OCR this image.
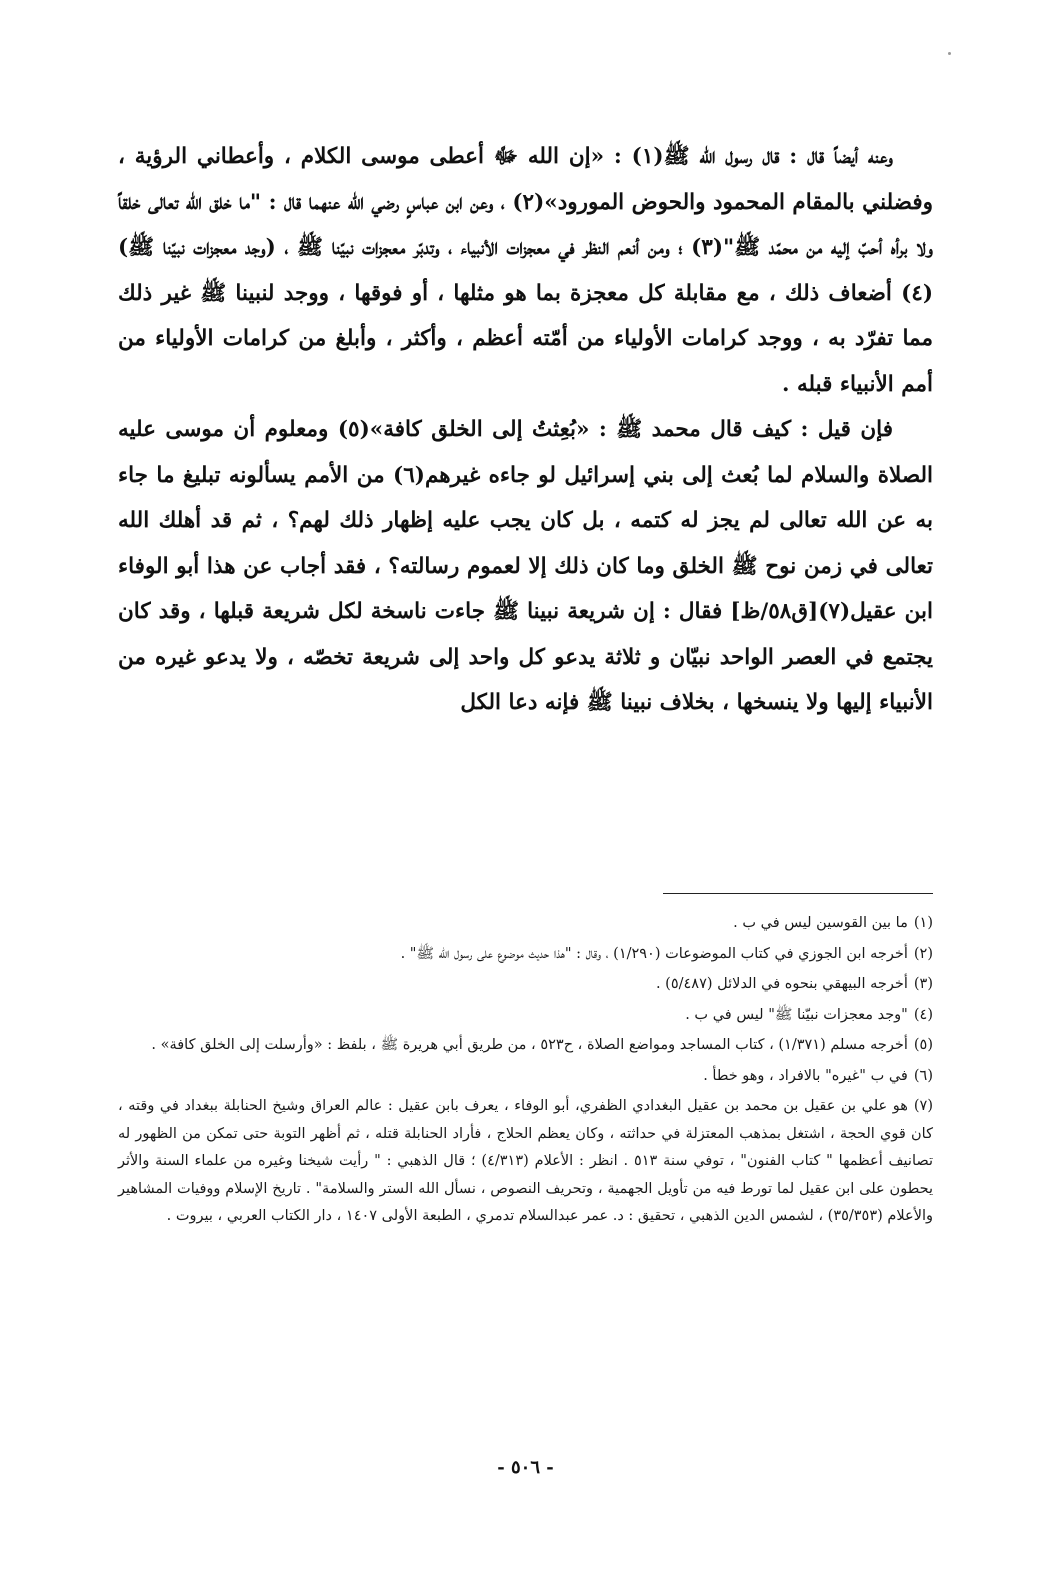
وعنه أيضاً قال : قال رسول الله ﷺ(١) : «إن الله ﷻ أعطى موسى الكلام ، وأعطاني الرؤية ، وفضلني بالمقام المحمود والحوض المورود»(٢) ، وعن ابن عباسٍ رضي الله عنهما قال : "ما خلق الله تعالى خلقاً ولا برأه أحبّ إليه من محمّد ﷺ"(٣) ؛ ومن أنعم النظر في معجزات الأنبياء ، وتدبّر معجزات نبيّنا ﷺ ، (وجد معجزات نبيّنا ﷺ)(٤) أضعاف ذلك ، مع مقابلة كل معجزة بما هو مثلها ، أو فوقها ، ووجد لنبينا ﷺ غير ذلك مما تفرّد به ، ووجد كرامات الأولياء من أمّته أعظم ، وأكثر ، وأبلغ من كرامات الأولياء من أمم الأنبياء قبله .

فإن قيل : كيف قال محمد ﷺ : «بُعِثتُ إلى الخلق كافة»(٥) ومعلوم أن موسى عليه الصلاة والسلام لما بُعث إلى بني إسرائيل لو جاءه غيرهم(٦) من الأمم يسألونه تبليغ ما جاء به عن الله تعالى لم يجز له كتمه ، بل كان يجب عليه إظهار ذلك لهم؟ ، ثم قد أهلك الله تعالى في زمن نوح ﷺ الخلق وما كان ذلك إلا لعموم رسالته؟ ، فقد أجاب عن هذا أبو الوفاء ابن عقيل(٧)[ق٥٨/ظ] فقال : إن شريعة نبينا ﷺ جاءت ناسخة لكل شريعة قبلها ، وقد كان يجتمع في العصر الواحد نبيّان و ثلاثة يدعو كل واحد إلى شريعة تخصّه ، ولا يدعو غيره من الأنبياء إليها ولا ينسخها ، بخلاف نبينا ﷺ فإنه دعا الكل

(١)ما بين القوسين ليس في ب .

(٢)أخرجه ابن الجوزي في كتاب الموضوعات (١/٢٩٠) ، وقال : "هذا حديث موضوع على رسول الله ﷺ" .

(٣)أخرجه البيهقي بنحوه في الدلائل (٥/٤٨٧) .

(٤)"وجد معجزات نبيّنا ﷺ" ليس في ب .

(٥)أخرجه مسلم (١/٣٧١) ، كتاب المساجد ومواضع الصلاة ، ح٥٢٣ ، من طريق أبي هريرة ﷺ ، بلفظ : «وأرسلت إلى الخلق كافة» .

(٦)في ب "غيره" بالافراد ، وهو خطأ .

(٧)هو علي بن عقيل بن محمد بن عقيل البغدادي الظفري، أبو الوفاء ، يعرف بابن عقيل : عالم العراق وشيخ الحنابلة ببغداد في وقته ، كان قوي الحجة ، اشتغل بمذهب المعتزلة في حداثته ، وكان يعظم الحلاج ، فأراد الحنابلة قتله ، ثم أظهر التوبة حتى تمكن من الظهور له تصانيف أعظمها " كتاب الفنون" ، توفي سنة ٥١٣ . انظر : الأعلام (٤/٣١٣) ؛ قال الذهبي : " رأيت شيخنا وغيره من علماء السنة والأثر يحطون على ابن عقيل لما تورط فيه من تأويل الجهمية ، وتحريف النصوص ، نسأل الله الستر والسلامة" . تاريخ الإسلام ووفيات المشاهير والأعلام (٣٥/٣٥٣) ، لشمس الدين الذهبي ، تحقيق : د. عمر عبدالسلام تدمري ، الطبعة الأولى ١٤٠٧ ، دار الكتاب العربي ، بيروت .

- ٥٠٦ -
